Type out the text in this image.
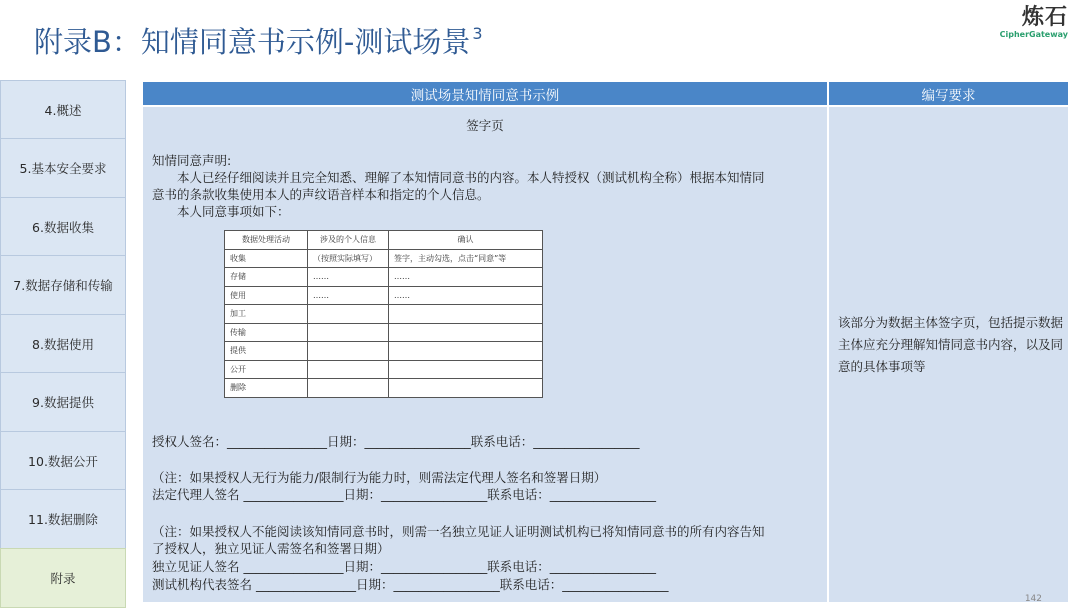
附录B：知情同意书示例-测试场景 $^3$
炼石
CipherGateway
4.概述
5.基本安全要求
6.数据收集
7.数据存储和传输
8.数据使用
9.数据提供
10.数据公开
11.数据删除
附录
测试场景知情同意书示例	编写要求
签字页
知情同意声明:
本人已经仔细阅读并且完全知悉、理解了本知情同意书的内容。本人特授权（测试机构全称）根据本知情同
意书的条款收集使用本人的声纹语音样本和指定的个人信息。
本人同意事项如下：
数据处理活动	涉及的个人信息	确认
收集	（按照实际填写）	签字，主动勾选，点击“同意”等
存储	……	……
使用	……	……
加工		
传输		
提供		
公开		
删除		
授权人签名：________________日期：_________________联系电话：_________________
（注：如果授权人无行为能力/限制行为能力时，则需法定代理人签名和签署日期）
法定代理人签名 ________________日期：_________________联系电话：_________________
（注：如果授权人不能阅读该知情同意书时，则需一名独立见证人证明测试机构已将知情同意书的所有内容告知
了授权人，独立见证人需签名和签署日期）
独立见证人签名 ________________日期：_________________联系电话：_________________
测试机构代表签名 ________________日期：_________________联系电话：_________________
该部分为数据主体签字页，包括提示数据主体应充分理解知情同意书内容，以及同意的具体事项等
142
